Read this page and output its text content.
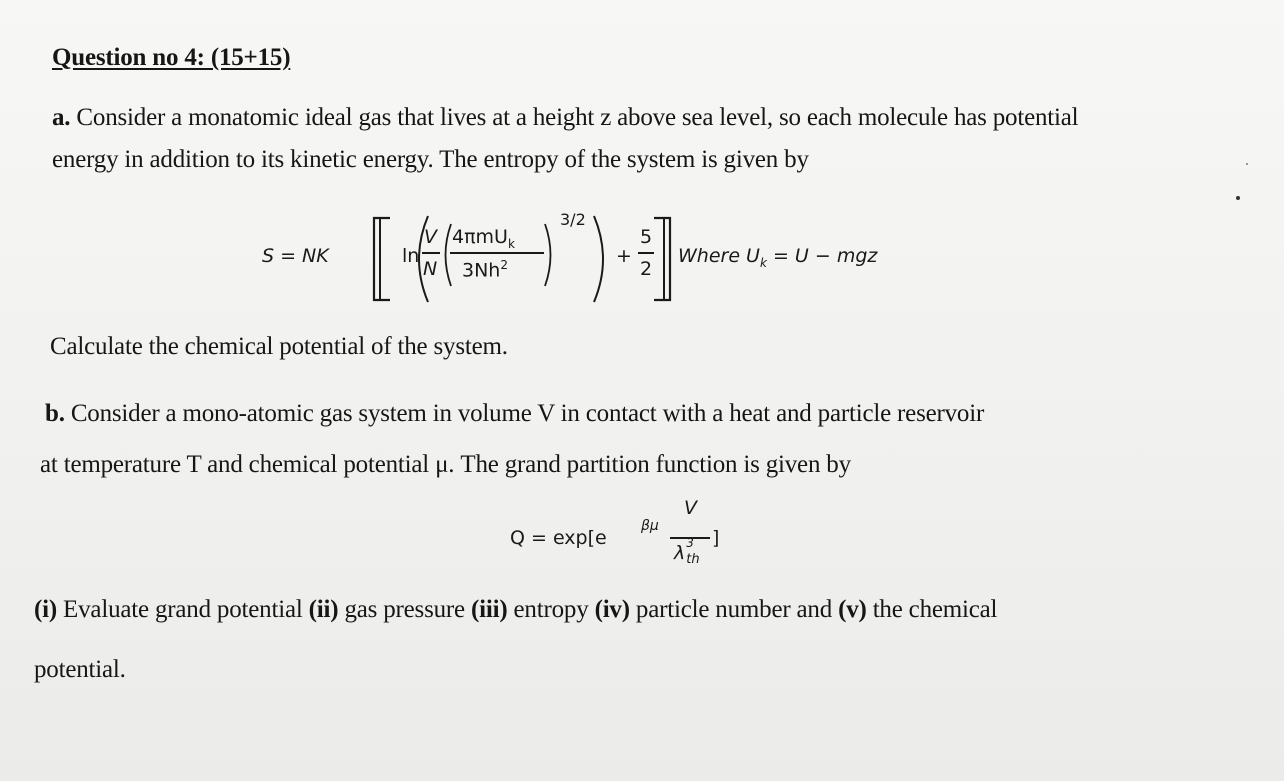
Question no 4: (15+15)
a. Consider a monatomic ideal gas that lives at a height z above sea level, so each molecule has potential
energy in addition to its kinetic energy. The entropy of the system is given by
S = NK	ln
V
N
4πmU$_k$
3Nh$^2$
3/2
+
5
2
Where $U_k = U$ − mgz
Calculate the chemical potential of the system.
b. Consider a mono-atomic gas system in volume V in contact with a heat and particle reservoir
at temperature T and chemical potential μ. The grand partition function is given by
Q = exp[e
βμ
V
λ 3
th
]
(i) Evaluate grand potential (ii) gas pressure (iii) entropy (iv) particle number and (v) the chemical
potential.
